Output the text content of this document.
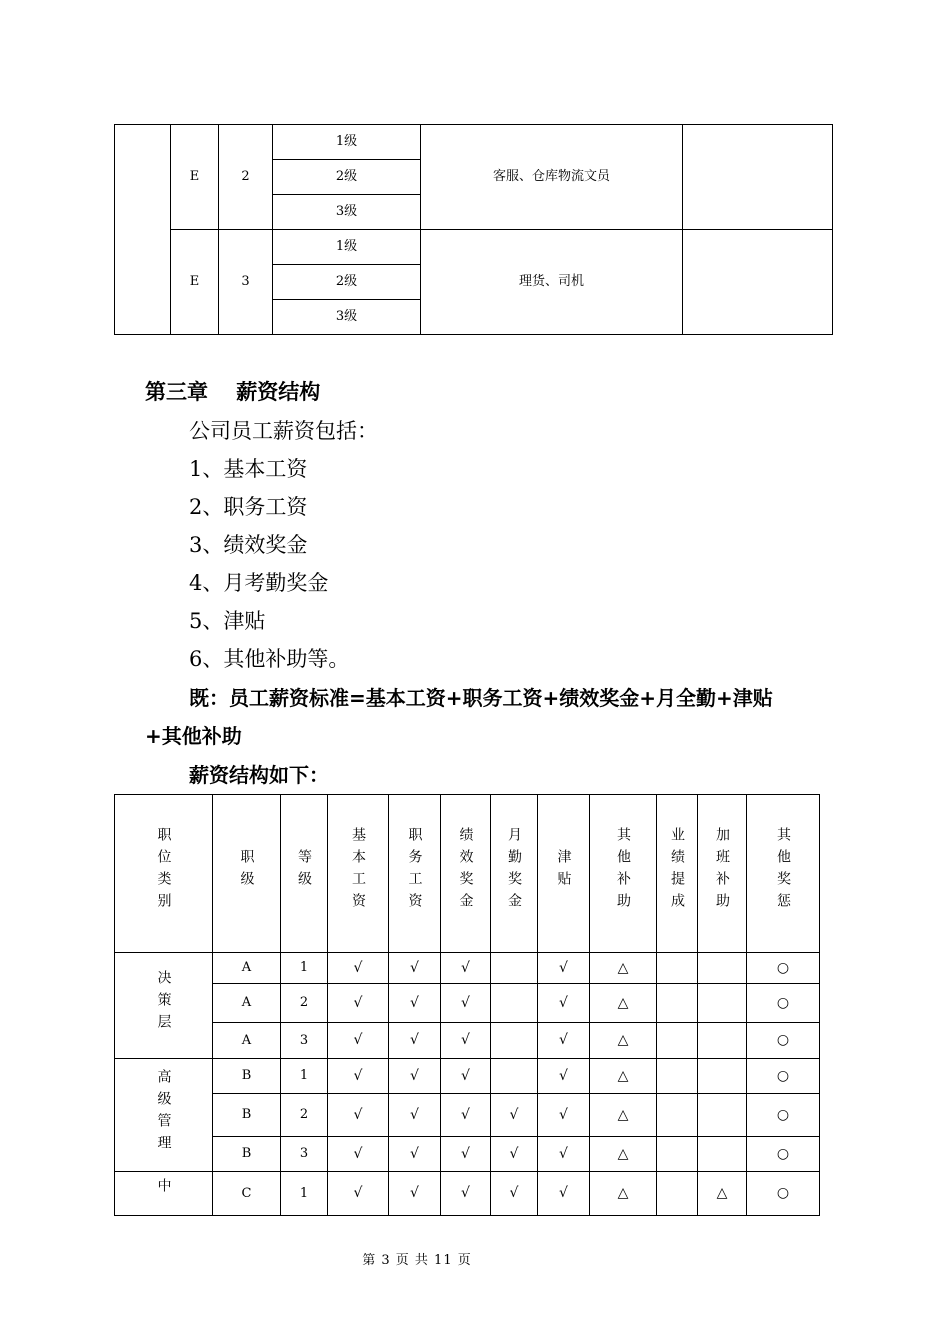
	E	2	1级	客服、仓库物流文员	
			2级		
			3级		
	E	3	1级	理货、司机	
			2级		
			3级		
第三章　 薪资结构
公司员工薪资包括：
1、基本工资
2、职务工资
3、绩效奖金
4、月考勤奖金
5、津贴
6、其他补助等。
既：员工薪资标准=基本工资+职务工资+绩效奖金+月全勤+津贴
+其他补助
薪资结构如下：
职位类别	职级	等级	基本工资	职务工资	绩效奖金	月勤奖金	津贴	其他补助	业绩提成	加班补助	其他奖惩
决策层	A	1	√	√	√		√	△			○
	A	2	√	√	√		√	△			○
	A	3	√	√	√		√	△			○
高级管理	B	1	√	√	√		√	△			○
	B	2	√	√	√	√	√	△			○
	B	3	√	√	√	√	√	△			○
中	C	1	√	√	√	√	√	△		△	○
第 3 页 共 11 页
